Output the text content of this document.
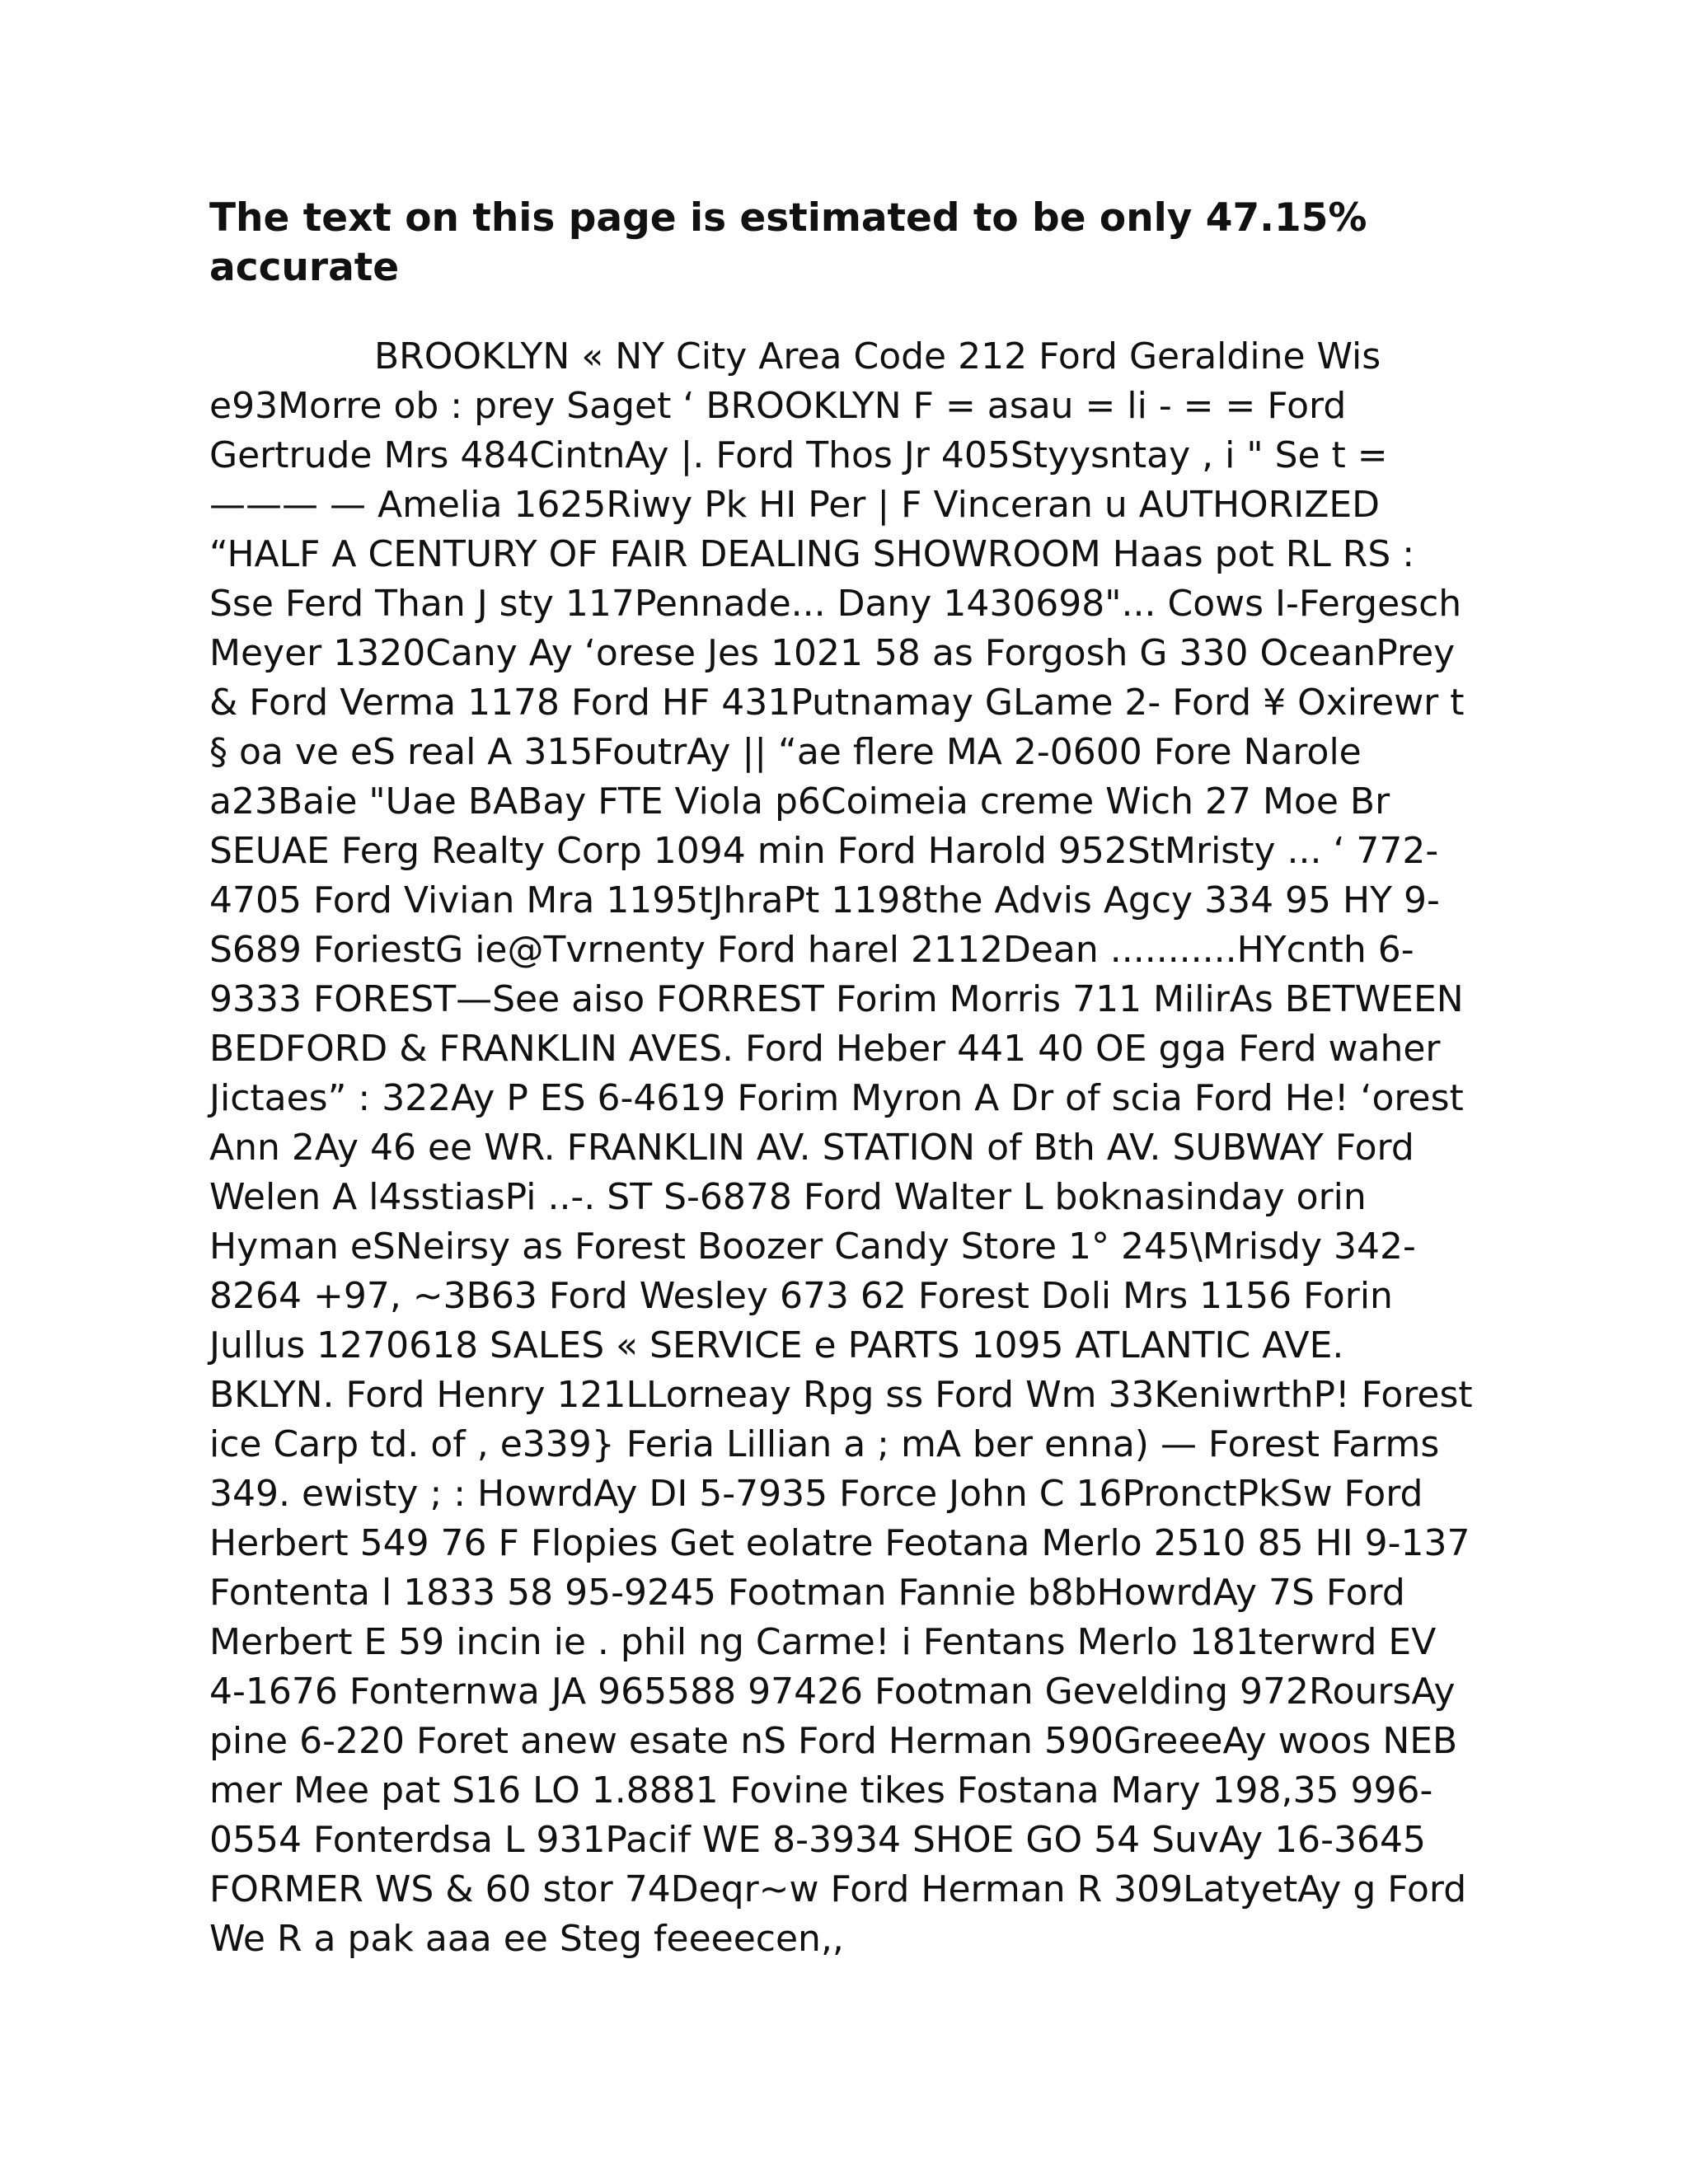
The text on this page is estimated to be only 47.15% accurate

BROOKLYN « NY City Area Code 212 Ford Geraldine Wis e93Morre ob : prey Saget ‘ BROOKLYN F = asau = li - = = Ford Gertrude Mrs 484CintnAy |. Ford Thos Jr 405Styysntay , i " Se t = ——— — Amelia 1625Riwy Pk HI Per | F Vinceran u AUTHORIZED “HALF A CENTURY OF FAIR DEALING SHOWROOM Haas pot RL RS : Sse Ferd Than J sty 117Pennade... Dany 1430698"... Cows I-Fergesch Meyer 1320Cany Ay ‘orese Jes 1021 58 as Forgosh G 330 OceanPrey & Ford Verma 1178 Ford HF 431Putnamay GLame 2- Ford ¥ Oxirewr t § oa ve eS real A 315FoutrAy || “ae flere MA 2-0600 Fore Narole a23Baie "Uae BABay FTE Viola p6Coimeia creme Wich 27 Moe Br SEUAE Ferg Realty Corp 1094 min Ford Harold 952StMristy ... ‘ 772-4705 Ford Vivian Mra 1195tJhraPt 1198the Advis Agcy 334 95 HY 9-S689 ForiestG ie@Tvrnenty Ford harel 2112Dean ...........HYcnth 6-9333 FOREST—See aiso FORREST Forim Morris 711 MilirAs BETWEEN BEDFORD & FRANKLIN AVES. Ford Heber 441 40 OE gga Ferd waher Jictaes” : 322Ay P ES 6-4619 Forim Myron A Dr of scia Ford He! ‘orest Ann 2Ay 46 ee WR. FRANKLIN AV. STATION of Bth AV. SUBWAY Ford Welen A l4sstiasPi ..-. ST S-6878 Ford Walter L boknasinday orin Hyman eSNeirsy as Forest Boozer Candy Store 1° 245\Mrisdy 342-8264 +97, ~3B63 Ford Wesley 673 62 Forest Doli Mrs 1156 Forin Jullus 1270618 SALES « SERVICE e PARTS 1095 ATLANTIC AVE. BKLYN. Ford Henry 121LLorneay Rpg ss Ford Wm 33KeniwrthP! Forest ice Carp td. of , e339} Feria Lillian a ; mA ber enna) — Forest Farms 349. ewisty ; : HowrdAy DI 5-7935 Force John C 16PronctPkSw Ford Herbert 549 76 F Flopies Get eolatre Feotana Merlo 2510 85 HI 9-137 Fontenta l 1833 58 95-9245 Footman Fannie b8bHowrdAy 7S Ford Merbert E 59 incin ie . phil ng Carme! i Fentans Merlo 181terwrd EV 4-1676 Fonternwa JA 965588 97426 Footman Gevelding 972RoursAy pine 6-220 Foret anew esate nS Ford Herman 590GreeeAy woos NEB mer Mee pat S16 LO 1.8881 Fovine tikes Fostana Mary 198,35 996-0554 Fonterdsa L 931Pacif WE 8-3934 SHOE GO 54 SuvAy 16-3645 FORMER WS & 60 stor 74Deqr~w Ford Herman R 309LatyetAy g Ford We R a pak aaa ee Steg feeeecen,,
